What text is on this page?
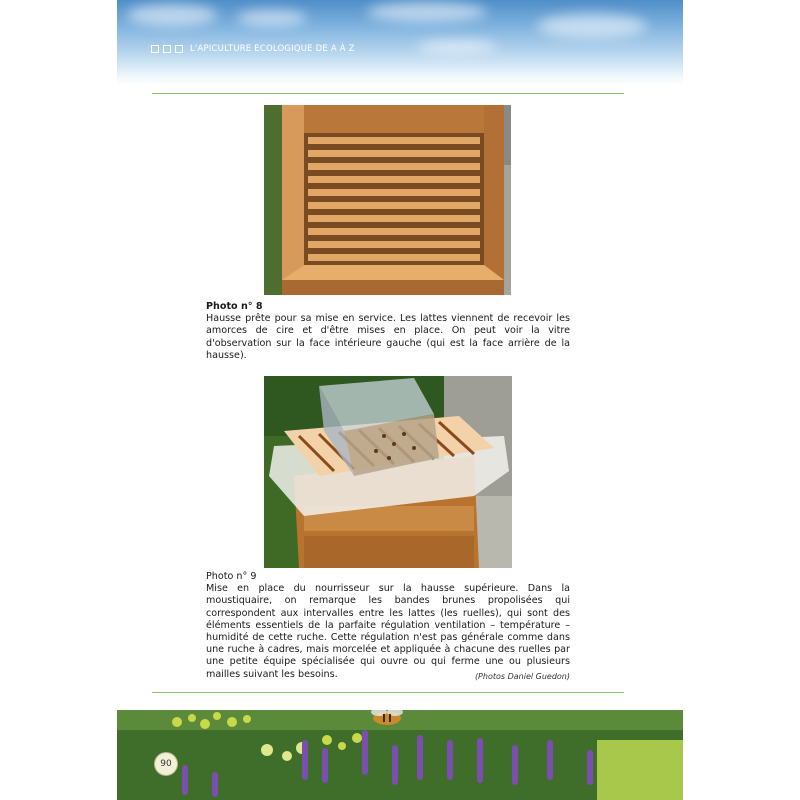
L'APICULTURE ECOLOGIQUE DE A À Z
Photo n° 8
Hausse prête pour sa mise en service. Les lattes viennent de recevoir les amorces de cire et d'être mises en place. On peut voir la vitre d'observation sur la face intérieure gauche (qui est la face arrière de la hausse).
Photo n° 9
Mise en place du nourrisseur sur la hausse supérieure. Dans la moustiquaire, on remarque les bandes brunes propolisées qui correspondent aux intervalles entre les lattes (les ruelles), qui sont des éléments essentiels de la parfaite régulation ventilation – température – humidité de cette ruche. Cette régulation n'est pas générale comme dans une ruche à cadres, mais morcelée et appliquée à chacune des ruelles par une petite équipe spécialisée qui ouvre ou qui ferme une ou plusieurs mailles suivant les besoins.	(Photos Daniel Guedon)
90
